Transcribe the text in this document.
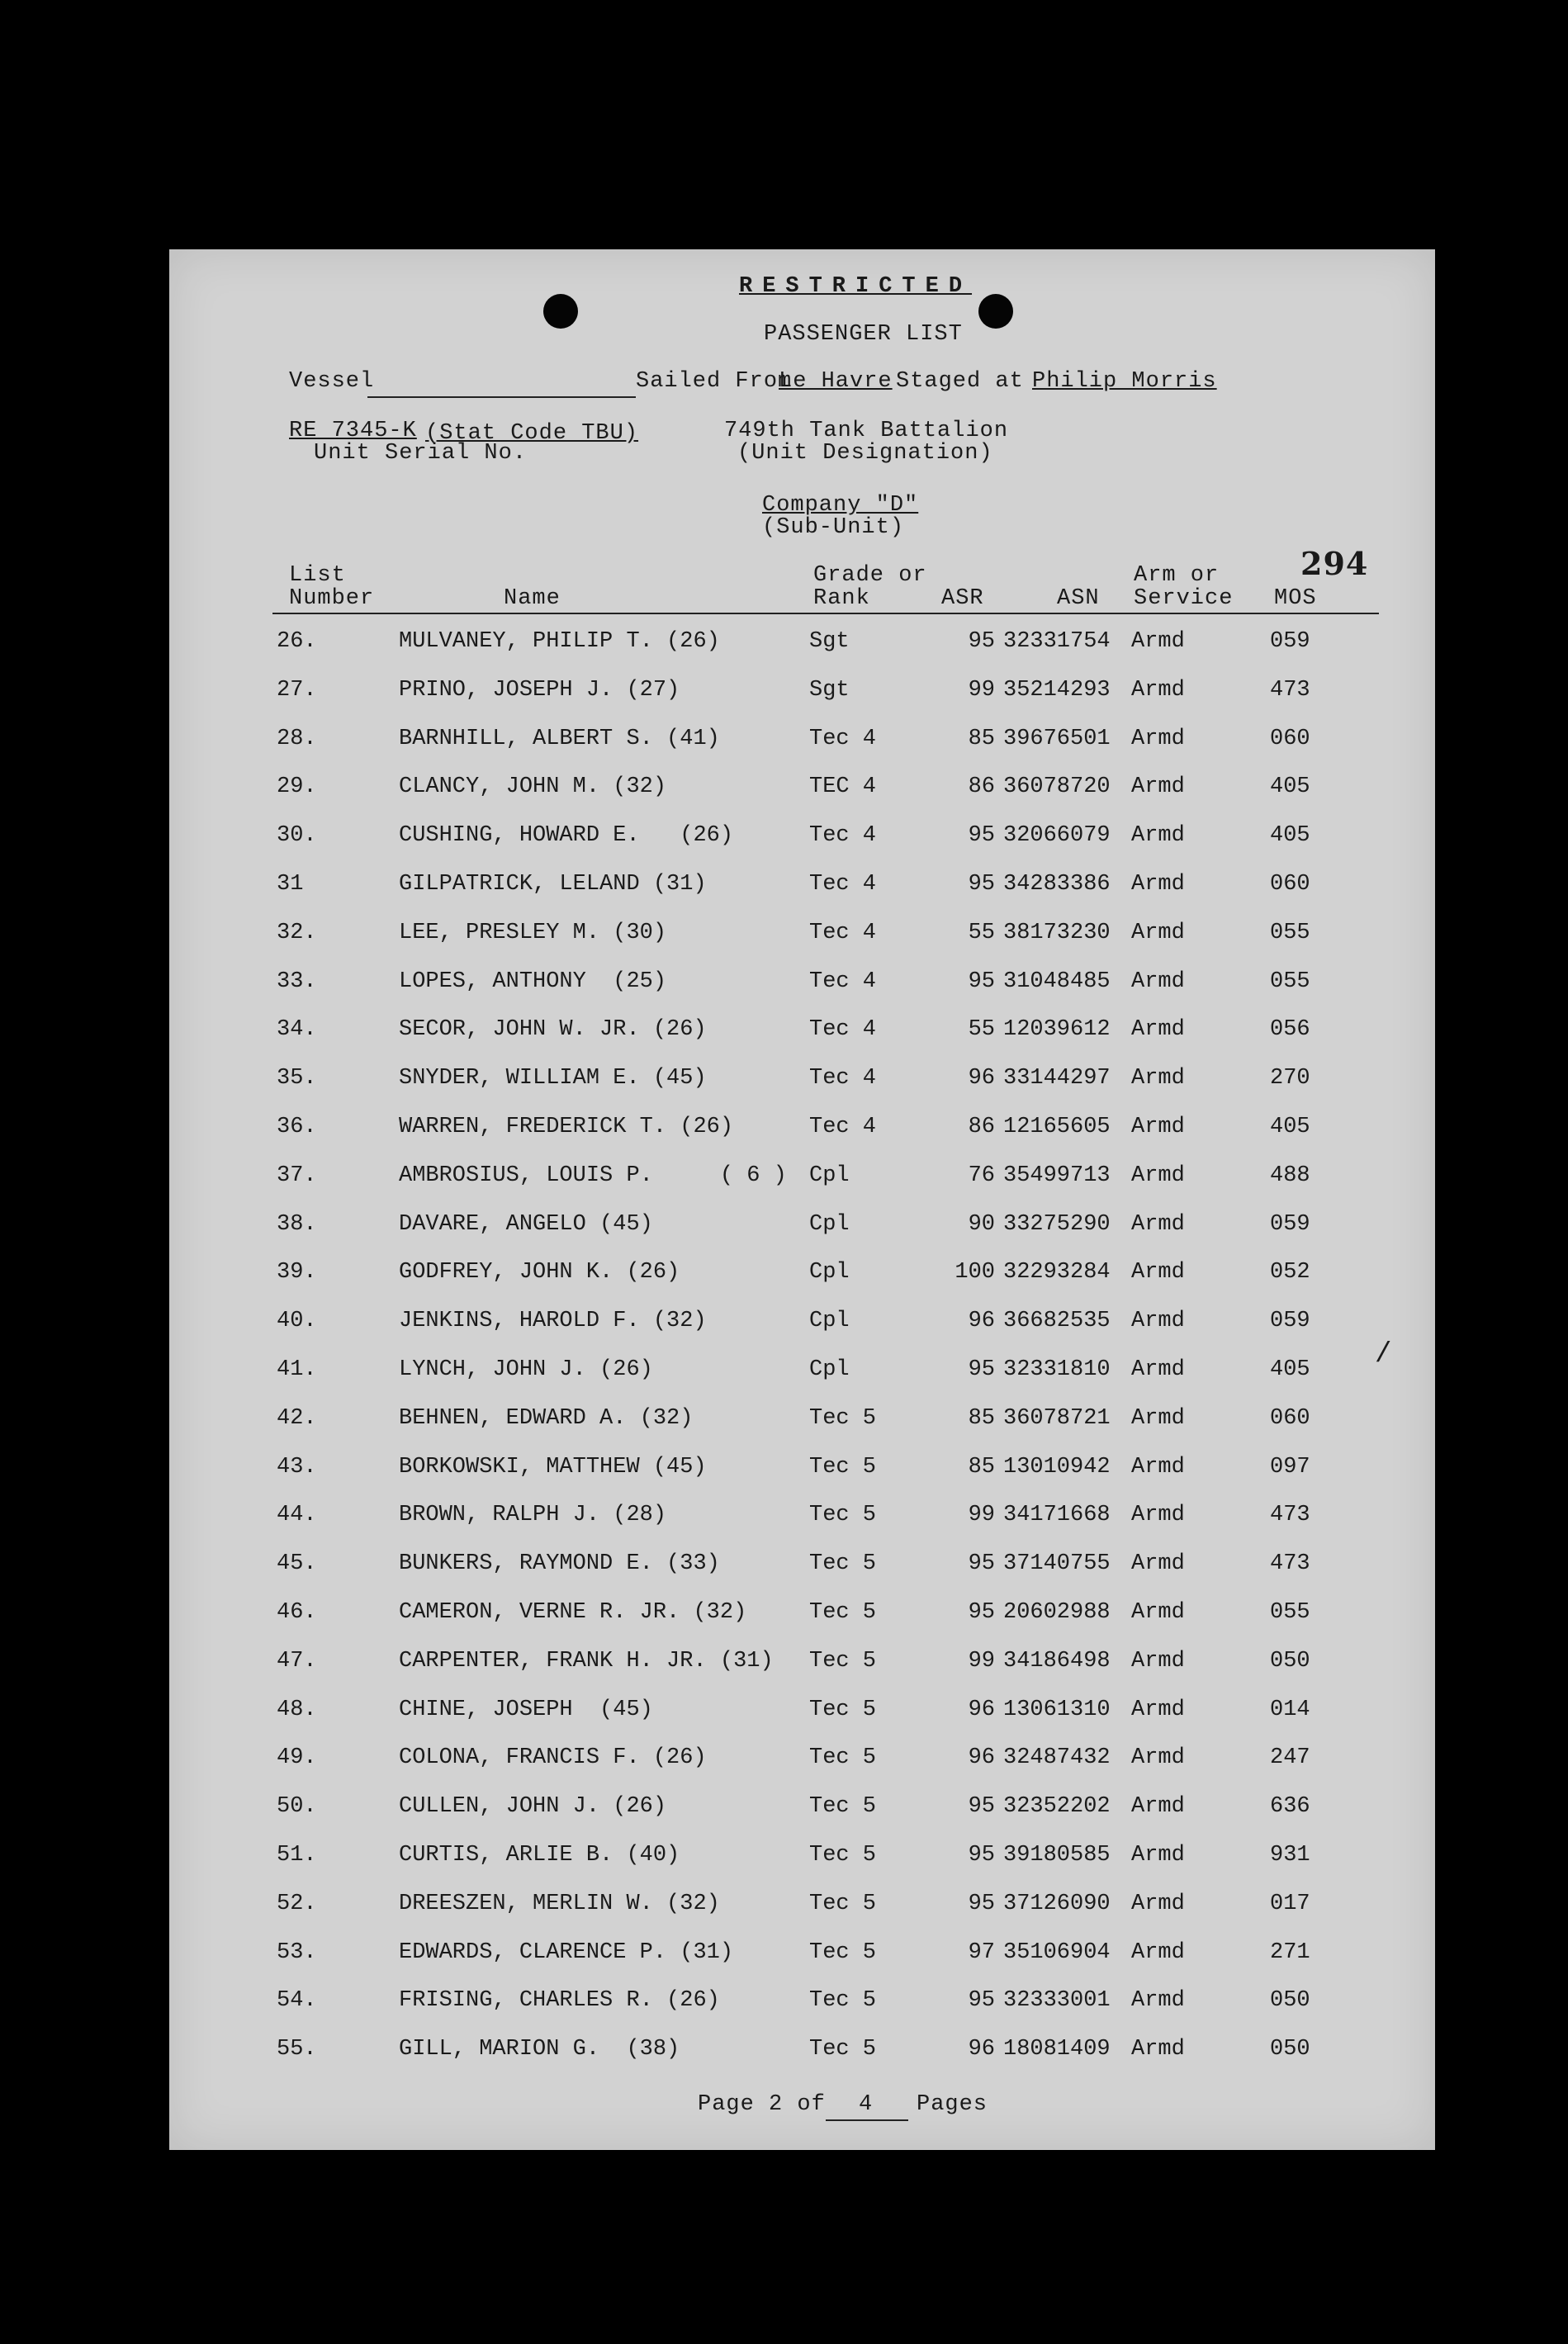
RESTRICTED
PASSENGER LIST
Vessel	Sailed From
Le Havre Staged at Philip Morris
RE 7345-K (Stat Code TBU)
Unit Serial No.
749th Tank Battalion
(Unit Designation)
Company "D"
(Sub-Unit)
294
List
Number	Name
Grade or
Rank	ASR	ASN
Arm or
Service MOS
26.	MULVANEY, PHILIP T. (26)	Sgt	95 32331754 Armd	059
27.	PRINO, JOSEPH J. (27)	Sgt	99 35214293 Armd	473
28.	BARNHILL, ALBERT S. (41)	Tec 4	85 39676501 Armd	060
29.	CLANCY, JOHN M. (32)	TEC 4	86 36078720 Armd	405
30.	CUSHING, HOWARD E.   (26)	Tec 4	95 32066079 Armd	405
31	GILPATRICK, LELAND (31)	Tec 4	95 34283386 Armd	060
32.	LEE, PRESLEY M. (30)	Tec 4	55 38173230 Armd	055
33.	LOPES, ANTHONY  (25)	Tec 4	95 31048485 Armd	055
34.	SECOR, JOHN W. JR. (26)	Tec 4	55 12039612 Armd	056
35.	SNYDER, WILLIAM E. (45)	Tec 4	96 33144297 Armd	270
36.	WARREN, FREDERICK T. (26)	Tec 4	86 12165605 Armd	405
37.	AMBROSIUS, LOUIS P.     ( 6 ) Cpl	76 35499713 Armd	488
38.	DAVARE, ANGELO (45)	Cpl	90 33275290 Armd	059
39.	GODFREY, JOHN K. (26)	Cpl	100 32293284 Armd	052
40.	JENKINS, HAROLD F. (32)	Cpl	96 36682535 Armd	059
41.	LYNCH, JOHN J. (26)	Cpl	95 32331810 Armd	405
42.	BEHNEN, EDWARD A. (32)	Tec 5	85 36078721 Armd	060
43.	BORKOWSKI, MATTHEW (45)	Tec 5	85 13010942 Armd	097
44.	BROWN, RALPH J. (28)	Tec 5	99 34171668 Armd	473
45.	BUNKERS, RAYMOND E. (33)	Tec 5	95 37140755 Armd	473
46.	CAMERON, VERNE R. JR. (32)	Tec 5	95 20602988 Armd	055
47.	CARPENTER, FRANK H. JR. (31) Tec 5	99 34186498 Armd	050
48.	CHINE, JOSEPH  (45)	Tec 5	96 13061310 Armd	014
49.	COLONA, FRANCIS F. (26)	Tec 5	96 32487432 Armd	247
50.	CULLEN, JOHN J. (26)	Tec 5	95 32352202 Armd	636
51.	CURTIS, ARLIE B. (40)	Tec 5	95 39180585 Armd	931
52.	DREESZEN, MERLIN W. (32)	Tec 5	95 37126090 Armd	017
53.	EDWARDS, CLARENCE P. (31)	Tec 5	97 35106904 Armd	271
54.	FRISING, CHARLES R. (26)	Tec 5	95 32333001 Armd	050
55.	GILL, MARION G.  (38)	Tec 5	96 18081409 Armd	050
Page 2 of 4 Pages
/
